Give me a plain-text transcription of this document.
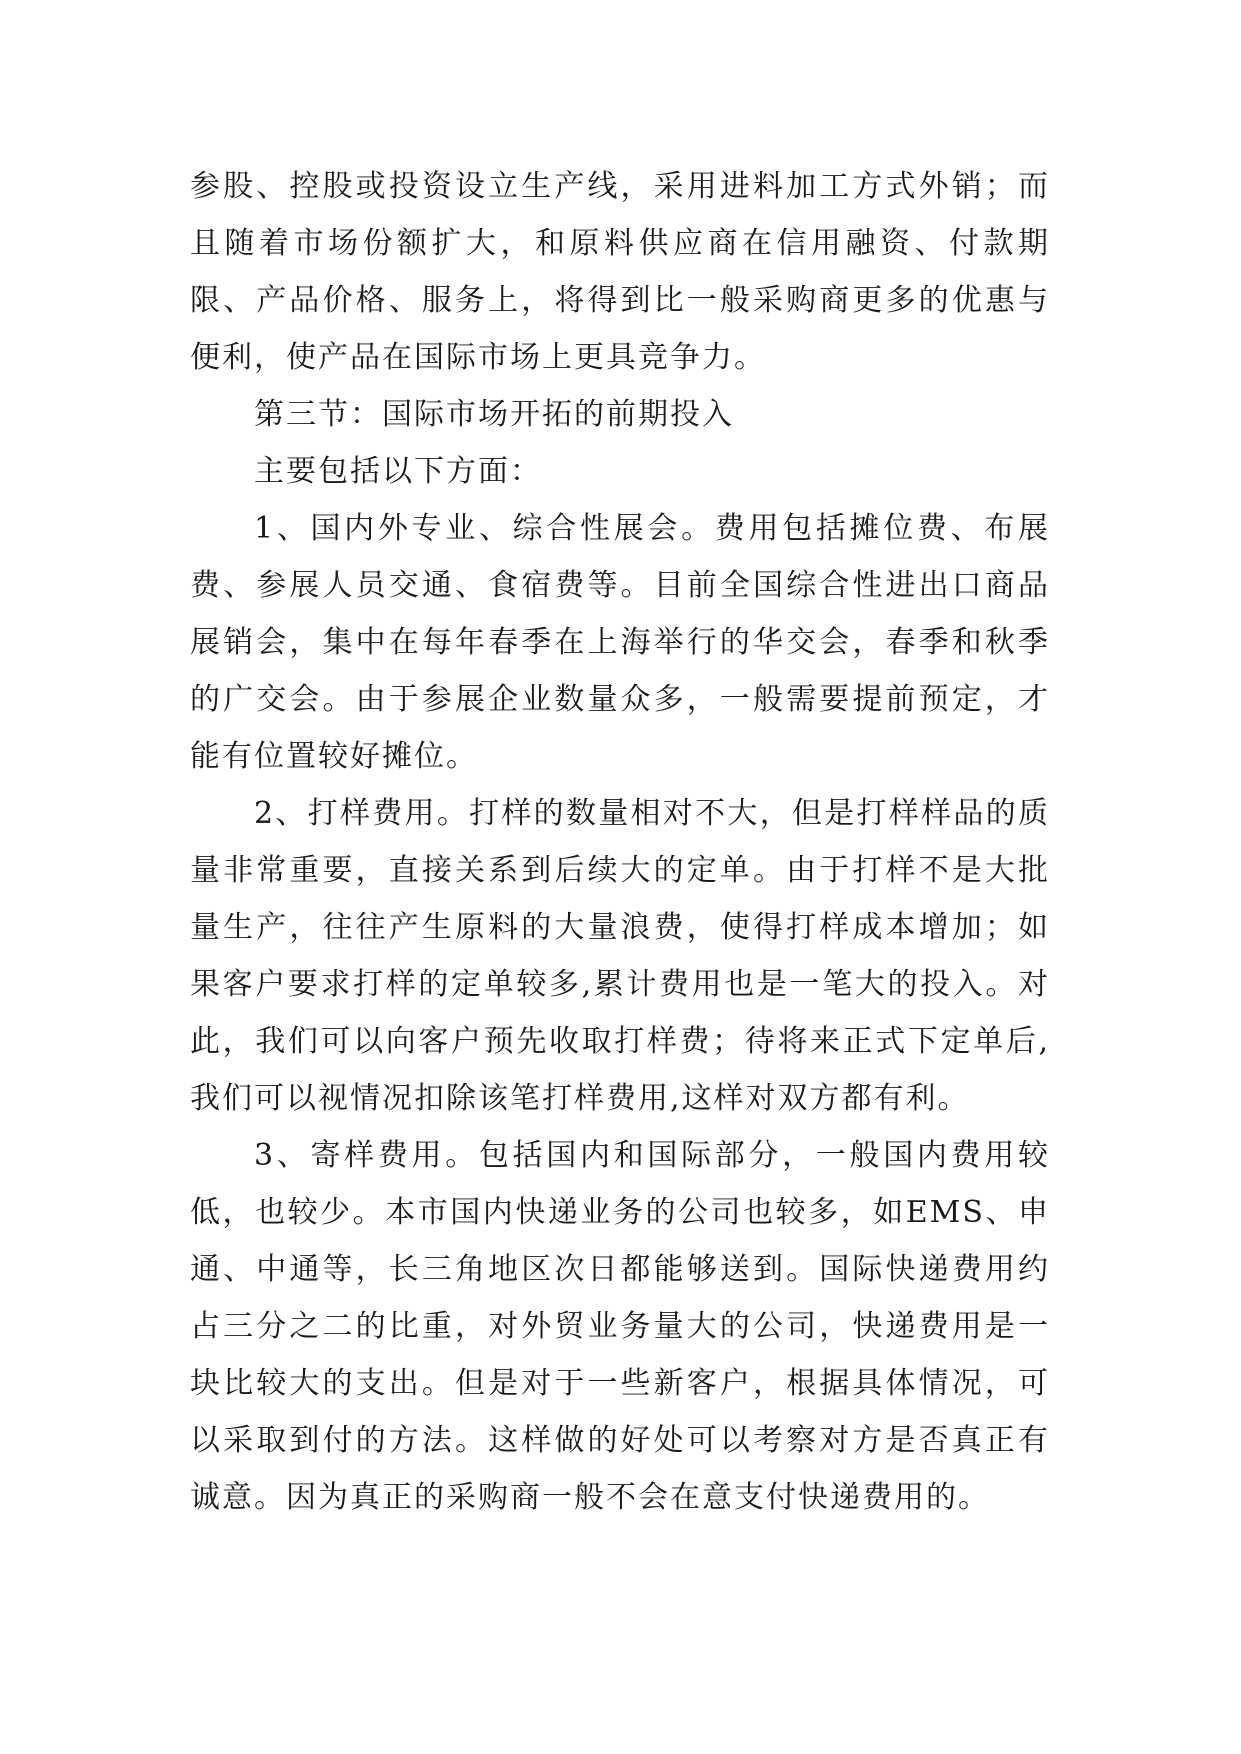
参股、控股或投资设立生产线，采用进料加工方式外销；而且随着市场份额扩大，和原料供应商在信用融资、付款期限、产品价格、服务上，将得到比一般采购商更多的优惠与便利，使产品在国际市场上更具竞争力。

第三节：国际市场开拓的前期投入

主要包括以下方面：

1、国内外专业、综合性展会。费用包括摊位费、布展费、参展人员交通、食宿费等。目前全国综合性进出口商品展销会，集中在每年春季在上海举行的华交会，春季和秋季的广交会。由于参展企业数量众多，一般需要提前预定，才能有位置较好摊位。

2、打样费用。打样的数量相对不大，但是打样样品的质量非常重要，直接关系到后续大的定单。由于打样不是大批量生产，往往产生原料的大量浪费，使得打样成本增加；如果客户要求打样的定单较多,累计费用也是一笔大的投入。对此，我们可以向客户预先收取打样费；待将来正式下定单后,我们可以视情况扣除该笔打样费用,这样对双方都有利。

3、寄样费用。包括国内和国际部分，一般国内费用较低，也较少。本市国内快递业务的公司也较多，如EMS、申通、中通等，长三角地区次日都能够送到。国际快递费用约占三分之二的比重，对外贸业务量大的公司，快递费用是一块比较大的支出。但是对于一些新客户，根据具体情况，可以采取到付的方法。这样做的好处可以考察对方是否真正有诚意。因为真正的采购商一般不会在意支付快递费用的。
